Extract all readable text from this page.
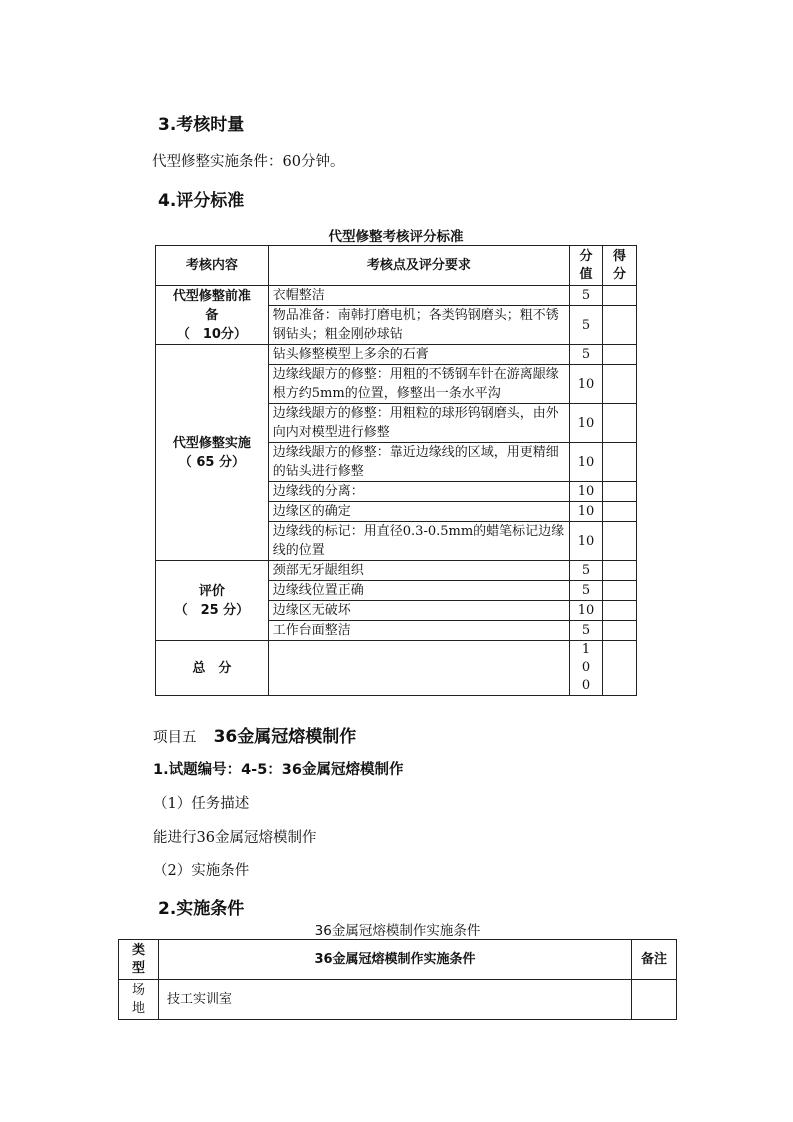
3.考核时量
代型修整实施条件：60分钟。
4.评分标准
代型修整考核评分标准
考核内容	考核点及评分要求	分值	得分

代型修整前准
备
（　10分）	衣帽整洁	5	
	物品准备：南韩打磨电机；各类钨钢磨头；粗不锈钢钻头；粗金刚砂球钻	5	

代型修整实施
（ 65 分）	钻头修整模型上多余的石膏	5	
	边缘线龈方的修整：用粗的不锈钢车针在游离龈缘根方约5mm的位置，修整出一条水平沟	10	
	边缘线龈方的修整：用粗粒的球形钨钢磨头，由外向内对模型进行修整	10	
	边缘线龈方的修整：靠近边缘线的区域，用更精细的钻头进行修整	10	
	边缘线的分离：	10	
	边缘区的确定	10	
	边缘线的标记：用直径0.3-0.5mm的蜡笔标记边缘线的位置	10	

评价
（　25 分）	颈部无牙龈组织	5	
	边缘线位置正确	5	
	边缘区无破坏	10	
	工作台面整洁	5	
总　分		100	
项目五 36金属冠熔模制作
1.试题编号：4-5：36金属冠熔模制作
（1）任务描述
能进行36金属冠熔模制作
（2）实施条件
2.实施条件
36金属冠熔模制作实施条件
类型	36金属冠熔模制作实施条件	备注
场地	技工实训室	
